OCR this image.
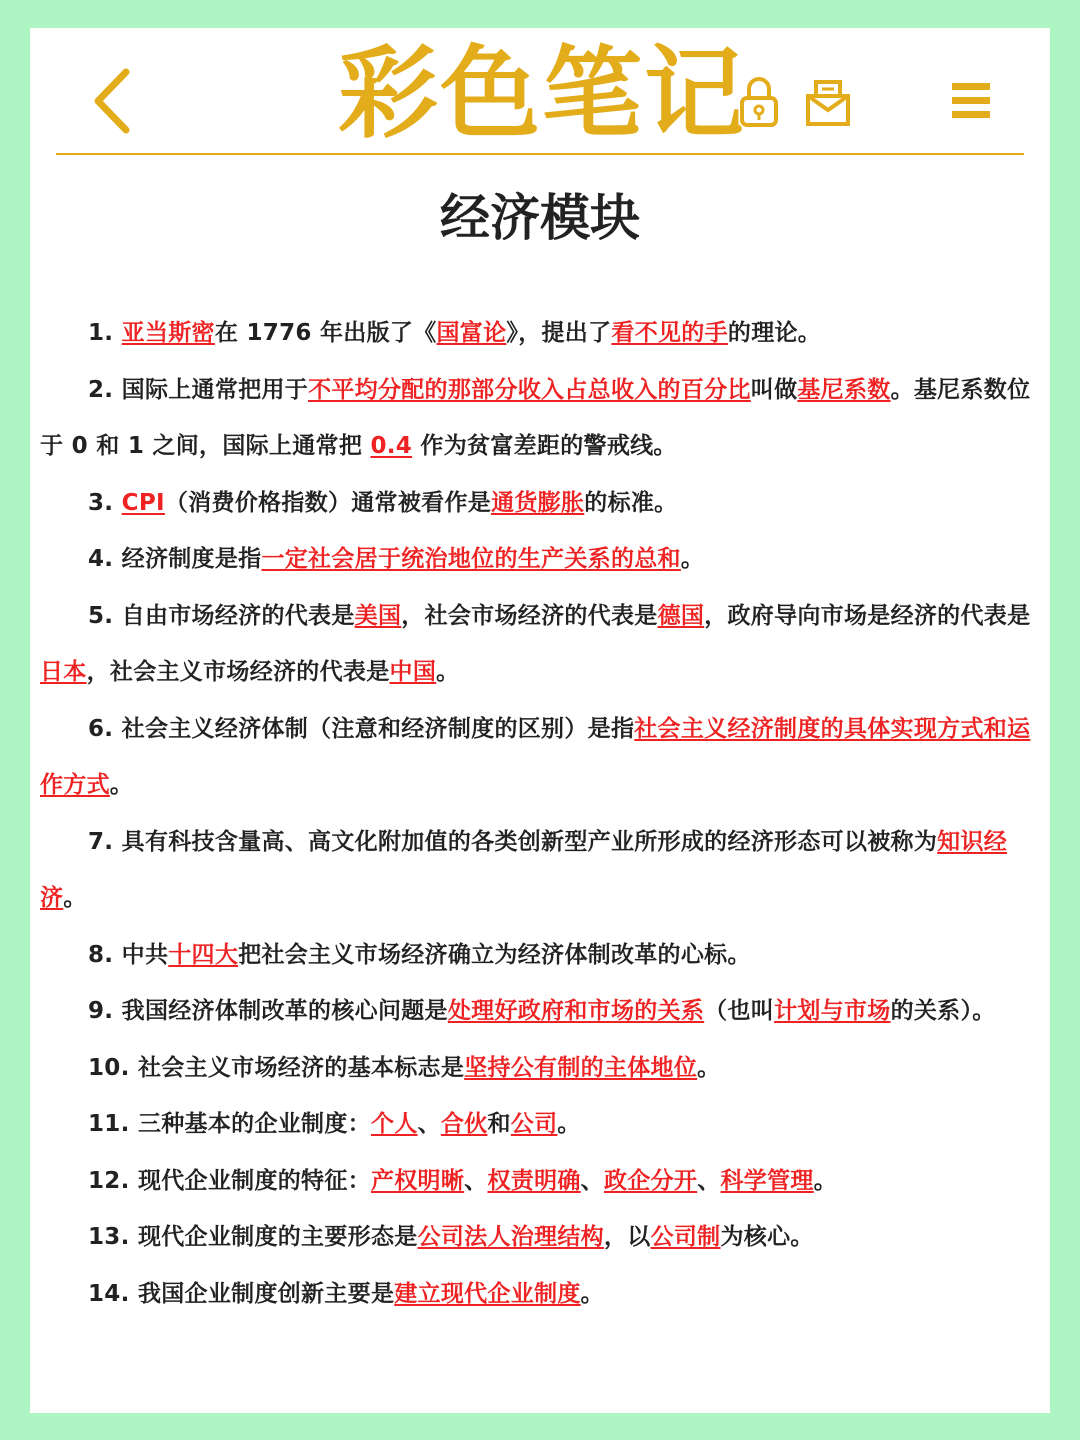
彩色笔记
经济模块

1. 亚当斯密在 1776 年出版了《国富论》，提出了看不见的手的理论。

2. 国际上通常把用于不平均分配的那部分收入占总收入的百分比叫做基尼系数。基尼系数位于 0 和 1 之间，国际上通常把 0.4 作为贫富差距的警戒线。

3. CPI（消费价格指数）通常被看作是通货膨胀的标准。

4. 经济制度是指一定社会居于统治地位的生产关系的总和。

5. 自由市场经济的代表是美国，社会市场经济的代表是德国，政府导向市场是经济的代表是日本，社会主义市场经济的代表是中国。

6. 社会主义经济体制（注意和经济制度的区别）是指社会主义经济制度的具体实现方式和运作方式。

7. 具有科技含量高、高文化附加值的各类创新型产业所形成的经济形态可以被称为知识经济。

8. 中共十四大把社会主义市场经济确立为经济体制改革的心标。

9. 我国经济体制改革的核心问题是处理好政府和市场的关系（也叫计划与市场的关系）。

10. 社会主义市场经济的基本标志是坚持公有制的主体地位。

11. 三种基本的企业制度：个人、合伙和公司。

12. 现代企业制度的特征：产权明晰、权责明确、政企分开、科学管理。

13. 现代企业制度的主要形态是公司法人治理结构，以公司制为核心。

14. 我国企业制度创新主要是建立现代企业制度。
